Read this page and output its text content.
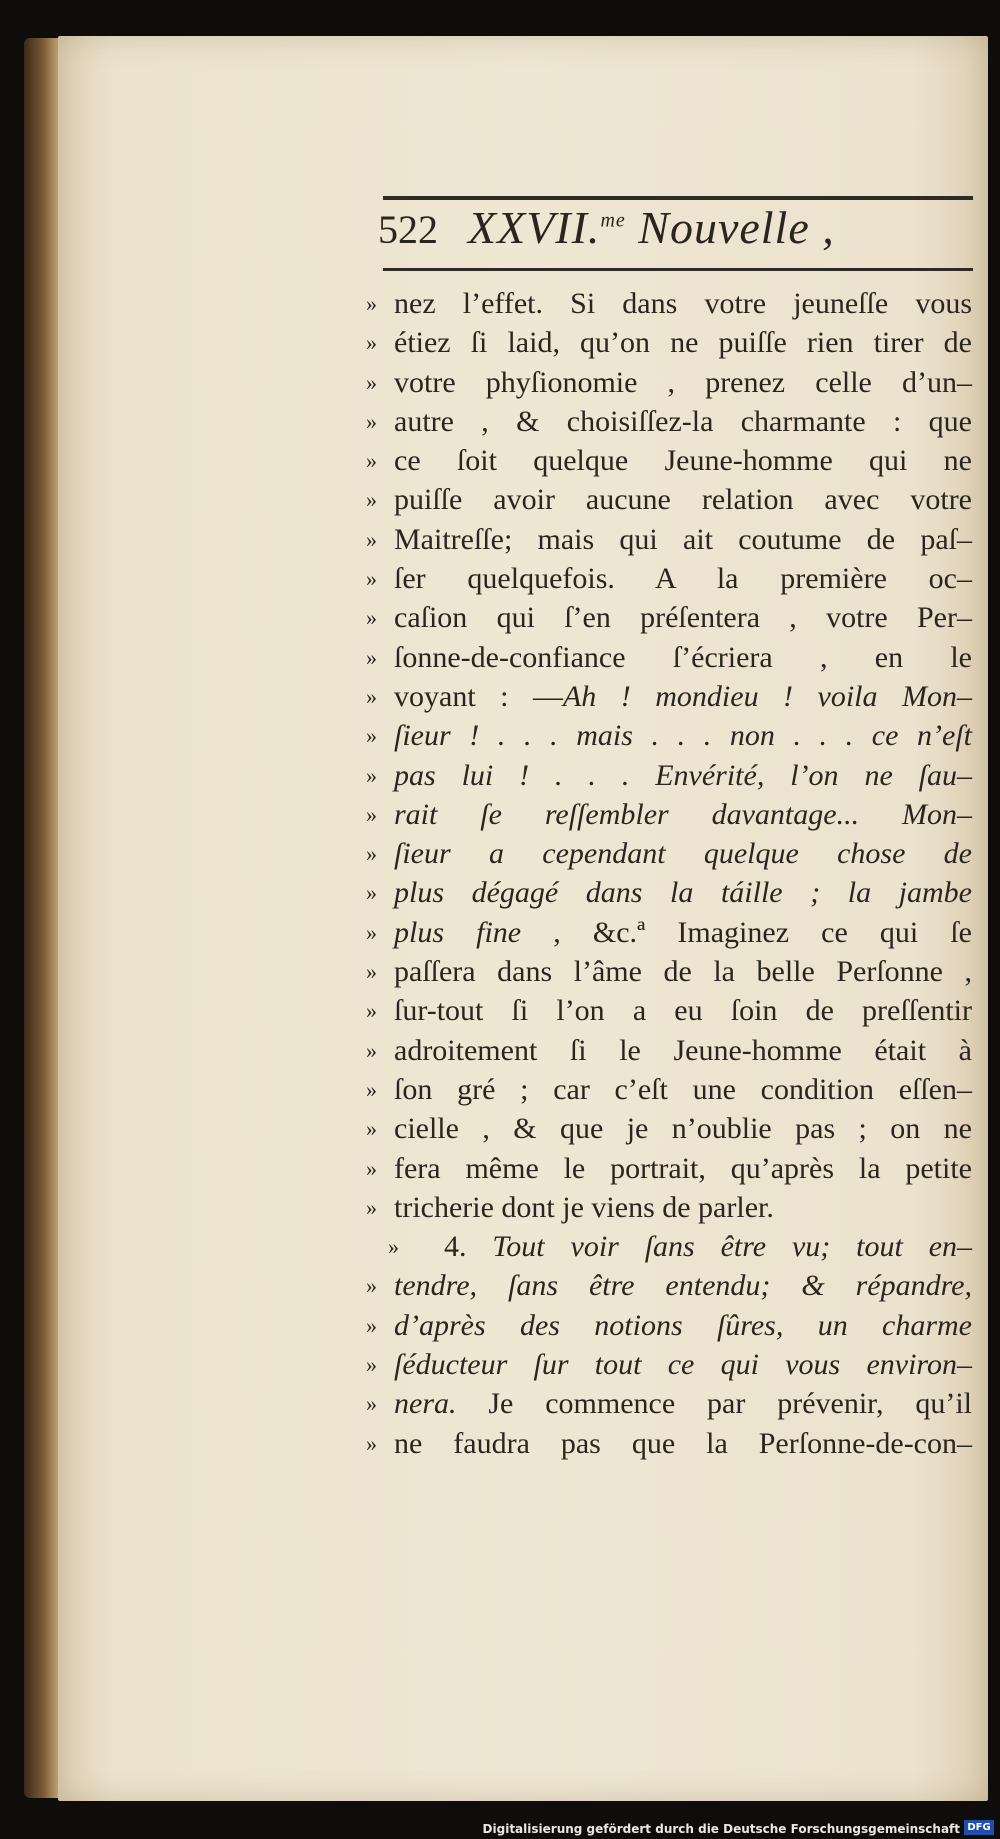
522 XXVII.$^{me}$ Nouvelle ,
» nez l’effet. Si dans votre jeuneſſe vous
» étiez ſi laid, qu’on ne puiſſe rien tirer de
» votre phyſionomie , prenez celle d’un–
» autre , & choisiſſez-la charmante : que
» ce ſoit quelque Jeune-homme qui ne
» puiſſe avoir aucune relation avec votre
» Maitreſſe; mais qui ait coutume de paſ–
» ſer quelquefois. A la première oc–
» caſion qui ſ’en préſentera , votre Per–
» ſonne-de-confiance ſ’écriera , en le
» voyant : —Ah ! mondieu ! voila Mon–
» ſieur ! . . . mais . . . non . . . ce n’eſt
» pas lui ! . . . Envérité, l’on ne ſau–
» rait ſe reſſembler davantage... Mon–
» ſieur a cependant quelque chose de
» plus dégagé dans la táille ; la jambe
» plus fine , &c.ª Imaginez ce qui ſe
» paſſera dans l’âme de la belle Perſonne ,
» ſur-tout ſi l’on a eu ſoin de preſſentir
» adroitement ſi le Jeune-homme était à
» ſon gré ; car c’eſt une condition eſſen–
» cielle , & que je n’oublie pas ; on ne
» fera même le portrait, qu’après la petite
» tricherie dont je viens de parler.
»	4. Tout voir ſans être vu; tout en–
» tendre, ſans être entendu; & répandre,
» d’après des notions ſûres, un charme
» ſéducteur ſur tout ce qui vous environ–
» nera. Je commence par prévenir, qu’il
» ne faudra pas que la Perſonne-de-con–
Digitalisierung gefördert durch die Deutsche Forschungsgemeinschaft DFG
